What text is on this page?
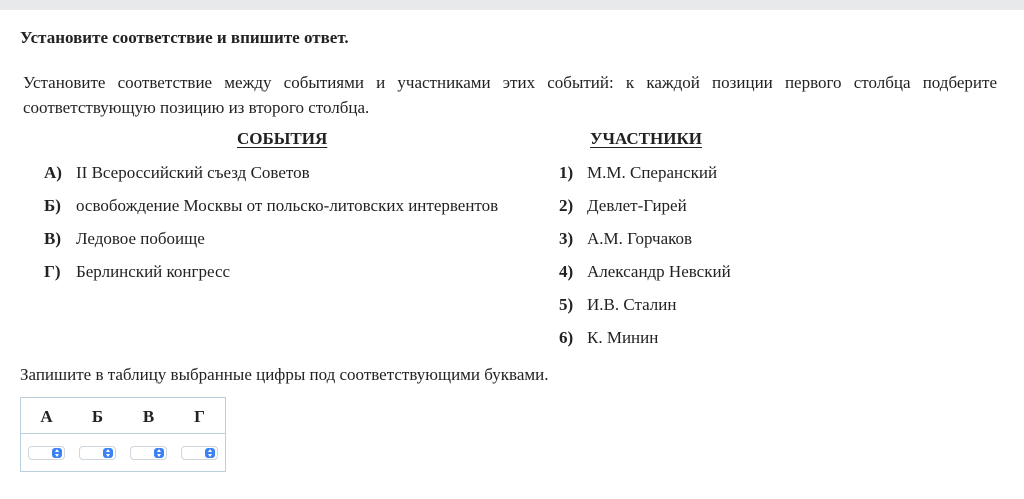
Установите соответствие и впишите ответ.
Установите соответствие между событиями и участниками этих событий: к каждой позиции первого столбца подберите соответствующую позицию из второго столбца.
СОБЫТИЯ	УЧАСТНИКИ
А) II Всероссийский съезд Советов
Б) освобождение Москвы от польско-литовских интервентов
В) Ледовое побоище
Г) Берлинский конгресс
1) М.М. Сперанский
2) Девлет-Гирей
3) А.М. Горчаков
4) Александр Невский
5) И.В. Сталин
6) К. Минин
Запишите в таблицу выбранные цифры под соответствующими буквами.
А	Б	В	Г
